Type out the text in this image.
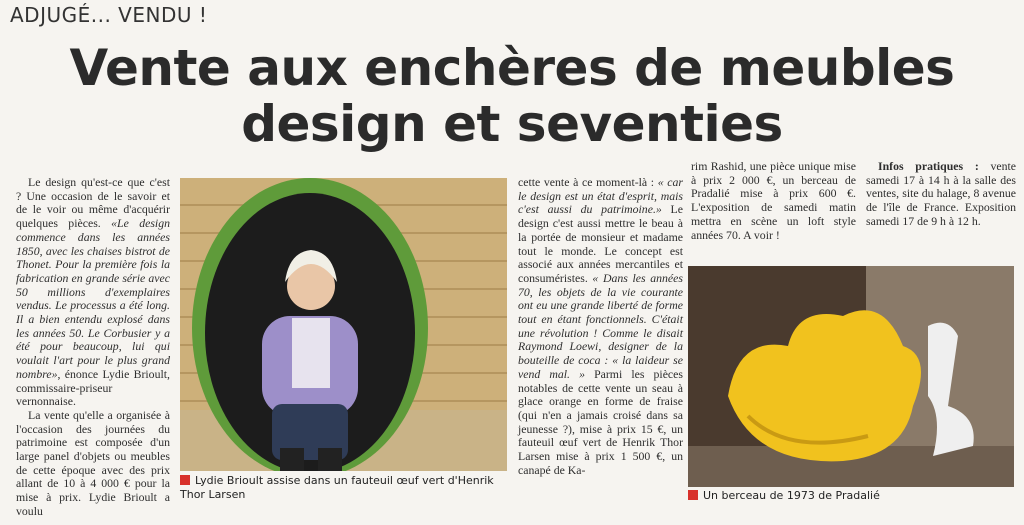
ADJUGÉ... VENDU !
Vente aux enchères de meubles
design et seventies

Le design qu'est-ce que c'est ? Une occasion de le savoir et de le voir ou même d'acquérir quelques pièces. «Le design commence dans les années 1850, avec les chaises bistrot de Thonet. Pour la première fois la fabrication en grande série avec 50 millions d'exemplaires vendus. Le processus a été long. Il a bien entendu explosé dans les années 50. Le Corbusier y a été pour beaucoup, lui qui voulait l'art pour le plus grand nombre», énonce Lydie Brioult, commissaire-priseur vernonnaise.

La vente qu'elle a organisée à l'occasion des journées du patrimoine est composée d'un large panel d'objets ou meubles de cette époque avec des prix allant de 10 à 4 000 € pour la mise à prix. Lydie Brioult a voulu

Lydie Brioult assise dans un fauteuil œuf vert d'Henrik Thor Larsen

cette vente à ce moment-là : « car le design est un état d'esprit, mais c'est aussi du patrimoine.» Le design c'est aussi mettre le beau à la portée de monsieur et madame tout le monde. Le concept est associé aux années mercantiles et consuméristes. « Dans les années 70, les objets de la vie courante ont eu une grande liberté de forme tout en étant fonctionnels. C'était une révolution ! Comme le disait Raymond Loewi, designer de la bouteille de coca : « la laideur se vend mal. » Parmi les pièces notables de cette vente un seau à glace orange en forme de fraise (qui n'en a jamais croisé dans sa jeunesse ?), mise à prix 15 €, un fauteuil œuf vert de Henrik Thor Larsen mise à prix 1 500 €, un canapé de Ka-

rim Rashid, une pièce unique mise à prix 2 000 €, un berceau de Pradalié mise à prix 600 €. L'exposition de samedi matin mettra en scène un loft style années 70. A voir !

Infos pratiques : vente samedi 17 à 14 h à la salle des ventes, site du halage, 8 avenue de l'île de France. Exposition samedi 17 de 9 h à 12 h.

Un berceau de 1973 de Pradalié
